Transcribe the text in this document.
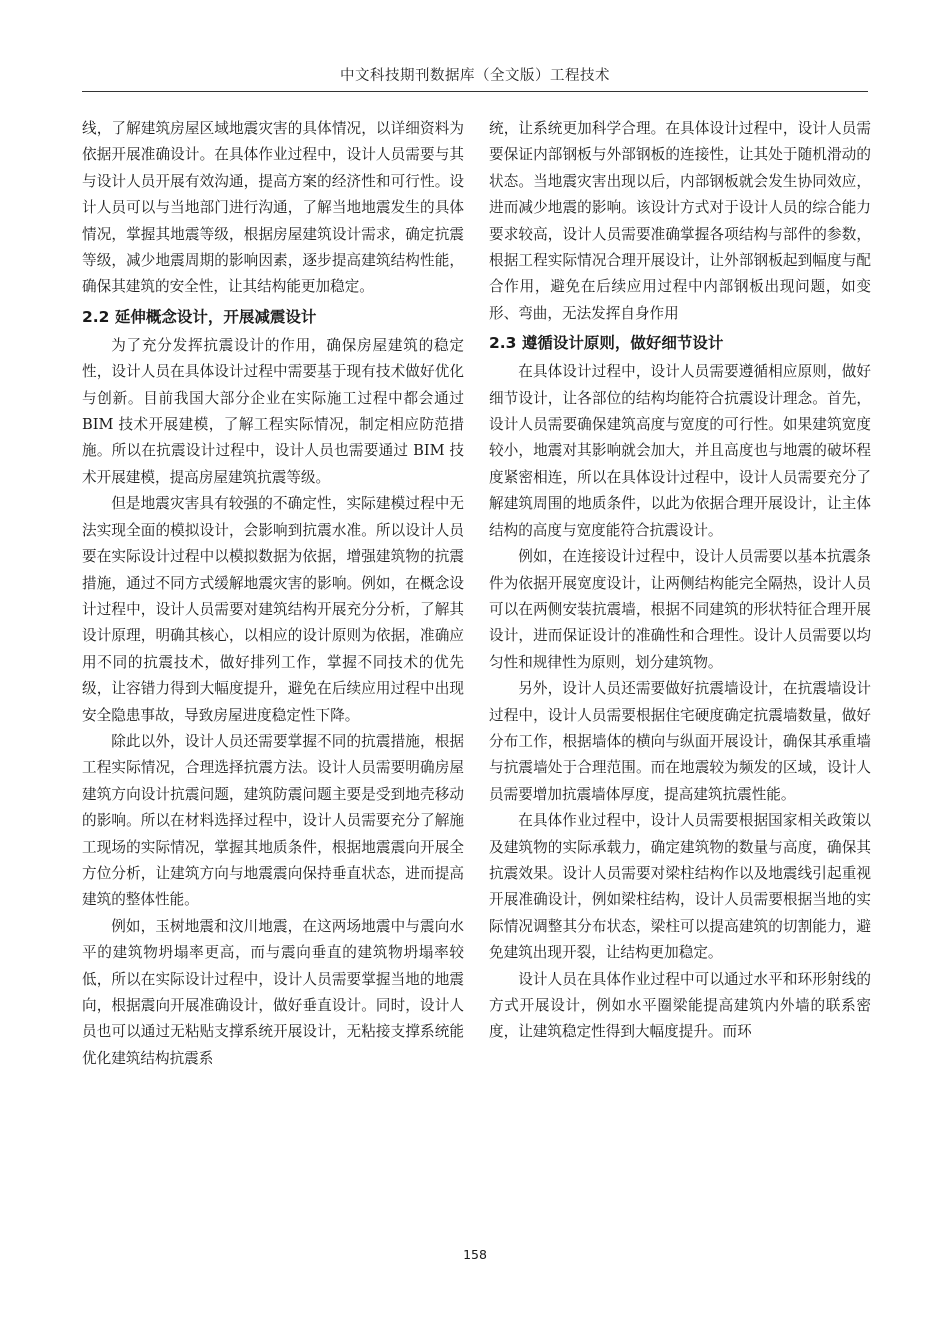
中文科技期刊数据库（全文版）工程技术

线，了解建筑房屋区域地震灾害的具体情况，以详细资料为依据开展准确设计。在具体作业过程中，设计人员需要与其与设计人员开展有效沟通，提高方案的经济性和可行性。设计人员可以与当地部门进行沟通，了解当地地震发生的具体情况，掌握其地震等级，根据房屋建筑设计需求，确定抗震等级，减少地震周期的影响因素，逐步提高建筑结构性能，确保其建筑的安全性，让其结构能更加稳定。

2.2 延伸概念设计，开展减震设计

为了充分发挥抗震设计的作用，确保房屋建筑的稳定性，设计人员在具体设计过程中需要基于现有技术做好优化与创新。目前我国大部分企业在实际施工过程中都会通过 BIM 技术开展建模，了解工程实际情况，制定相应防范措施。所以在抗震设计过程中，设计人员也需要通过 BIM 技术开展建模，提高房屋建筑抗震等级。

但是地震灾害具有较强的不确定性，实际建模过程中无法实现全面的模拟设计，会影响到抗震水准。所以设计人员要在实际设计过程中以模拟数据为依据，增强建筑物的抗震措施，通过不同方式缓解地震灾害的影响。例如，在概念设计过程中，设计人员需要对建筑结构开展充分分析，了解其设计原理，明确其核心，以相应的设计原则为依据，准确应用不同的抗震技术，做好排列工作，掌握不同技术的优先级，让容错力得到大幅度提升，避免在后续应用过程中出现安全隐患事故，导致房屋进度稳定性下降。

除此以外，设计人员还需要掌握不同的抗震措施，根据工程实际情况，合理选择抗震方法。设计人员需要明确房屋建筑方向设计抗震问题，建筑防震问题主要是受到地壳移动的影响。所以在材料选择过程中，设计人员需要充分了解施工现场的实际情况，掌握其地质条件，根据地震震向开展全方位分析，让建筑方向与地震震向保持垂直状态，进而提高建筑的整体性能。

例如，玉树地震和汶川地震，在这两场地震中与震向水平的建筑物坍塌率更高，而与震向垂直的建筑物坍塌率较低，所以在实际设计过程中，设计人员需要掌握当地的地震向，根据震向开展准确设计，做好垂直设计。同时，设计人员也可以通过无粘贴支撑系统开展设计，无粘接支撑系统能优化建筑结构抗震系

统，让系统更加科学合理。在具体设计过程中，设计人员需要保证内部钢板与外部钢板的连接性，让其处于随机滑动的状态。当地震灾害出现以后，内部钢板就会发生协同效应，进而减少地震的影响。该设计方式对于设计人员的综合能力要求较高，设计人员需要准确掌握各项结构与部件的参数，根据工程实际情况合理开展设计，让外部钢板起到幅度与配合作用，避免在后续应用过程中内部钢板出现问题，如变形、弯曲，无法发挥自身作用

2.3 遵循设计原则，做好细节设计

在具体设计过程中，设计人员需要遵循相应原则，做好细节设计，让各部位的结构均能符合抗震设计理念。首先，设计人员需要确保建筑高度与宽度的可行性。如果建筑宽度较小，地震对其影响就会加大，并且高度也与地震的破坏程度紧密相连，所以在具体设计过程中，设计人员需要充分了解建筑周围的地质条件，以此为依据合理开展设计，让主体结构的高度与宽度能符合抗震设计。

例如，在连接设计过程中，设计人员需要以基本抗震条件为依据开展宽度设计，让两侧结构能完全隔热，设计人员可以在两侧安装抗震墙，根据不同建筑的形状特征合理开展设计，进而保证设计的准确性和合理性。设计人员需要以均匀性和规律性为原则，划分建筑物。

另外，设计人员还需要做好抗震墙设计，在抗震墙设计过程中，设计人员需要根据住宅硬度确定抗震墙数量，做好分布工作，根据墙体的横向与纵面开展设计，确保其承重墙与抗震墙处于合理范围。而在地震较为频发的区域，设计人员需要增加抗震墙体厚度，提高建筑抗震性能。

在具体作业过程中，设计人员需要根据国家相关政策以及建筑物的实际承载力，确定建筑物的数量与高度，确保其抗震效果。设计人员需要对梁柱结构作以及地震线引起重视开展准确设计，例如梁柱结构，设计人员需要根据当地的实际情况调整其分布状态，梁柱可以提高建筑的切割能力，避免建筑出现开裂，让结构更加稳定。

设计人员在具体作业过程中可以通过水平和环形射线的方式开展设计，例如水平圈梁能提高建筑内外墙的联系密度，让建筑稳定性得到大幅度提升。而环

158
